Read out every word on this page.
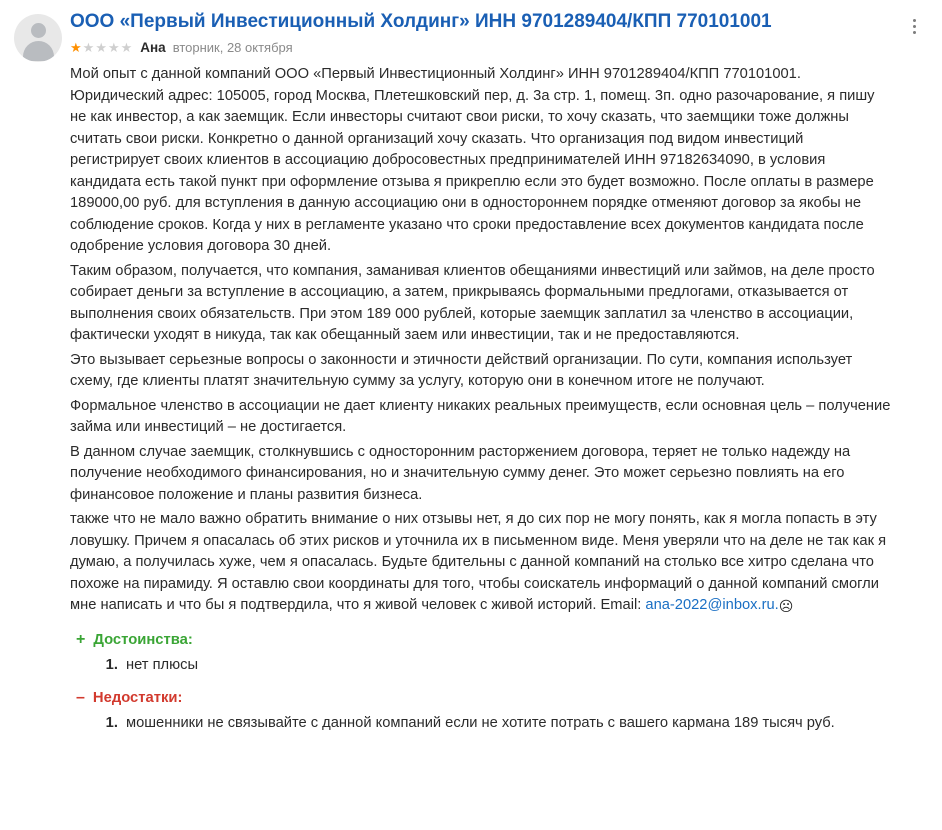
ООО «Первый Инвестиционный Холдинг» ИНН 9701289404/КПП 770101001
★★★★★ Ана вторник, 28 октября

Мой опыт с данной компаний ООО «Первый Инвестиционный Холдинг» ИНН 9701289404/КПП 770101001. Юридический адрес: 105005, город Москва, Плетешковский пер, д. 3а стр. 1, помещ. 3п. одно разочарование, я пишу не как инвестор, а как заемщик. Если инвесторы считают свои риски, то хочу сказать, что заемщики тоже должны считать свои риски. Конкретно о данной организаций хочу сказать. Что организация под видом инвестиций регистрирует своих клиентов в ассоциацию добросовестных предпринимателей ИНН 97182634090, в условия кандидата есть такой пункт при оформление отзыва я прикреплю если это будет возможно. После оплаты в размере 189000,00 руб. для вступления в данную ассоциацию они в одностороннем порядке отменяют договор за якобы не соблюдение сроков. Когда у них в регламенте указано что сроки предоставление всех документов кандидата после одобрение условия договора 30 дней.

Таким образом, получается, что компания, заманивая клиентов обещаниями инвестиций или займов, на деле просто собирает деньги за вступление в ассоциацию, а затем, прикрываясь формальными предлогами, отказывается от выполнения своих обязательств. При этом 189 000 рублей, которые заемщик заплатил за членство в ассоциации, фактически уходят в никуда, так как обещанный заем или инвестиции, так и не предоставляются.

Это вызывает серьезные вопросы о законности и этичности действий организации. По сути, компания использует схему, где клиенты платят значительную сумму за услугу, которую они в конечном итоге не получают.

Формальное членство в ассоциации не дает клиенту никаких реальных преимуществ, если основная цель – получение займа или инвестиций – не достигается.

В данном случае заемщик, столкнувшись с односторонним расторжением договора, теряет не только надежду на получение необходимого финансирования, но и значительную сумму денег. Это может серьезно повлиять на его финансовое положение и планы развития бизнеса.

также что не мало важно обратить внимание о них отзывы нет, я до сих пор не могу понять, как я могла попасть в эту ловушку. Причем я опасалась об этих рисков и уточнила их в письменном виде. Меня уверяли что на деле не так как я думаю, а получилась хуже, чем я опасалась. Будьте бдительны с данной компаний на столько все хитро сделана что похоже на пирамиду. Я оставлю свои координаты для того, чтобы соискатель информаций о данной компаний смогли мне написать и что бы я подтвердила, что я живой человек с живой историй. Email: ana-2022@inbox.ru.☹

+ Достоинства:
1. нет плюсы
– Недостатки:
1. мошенники не связывайте с данной компаний если не хотите потрать с вашего кармана 189 тысяч руб.
